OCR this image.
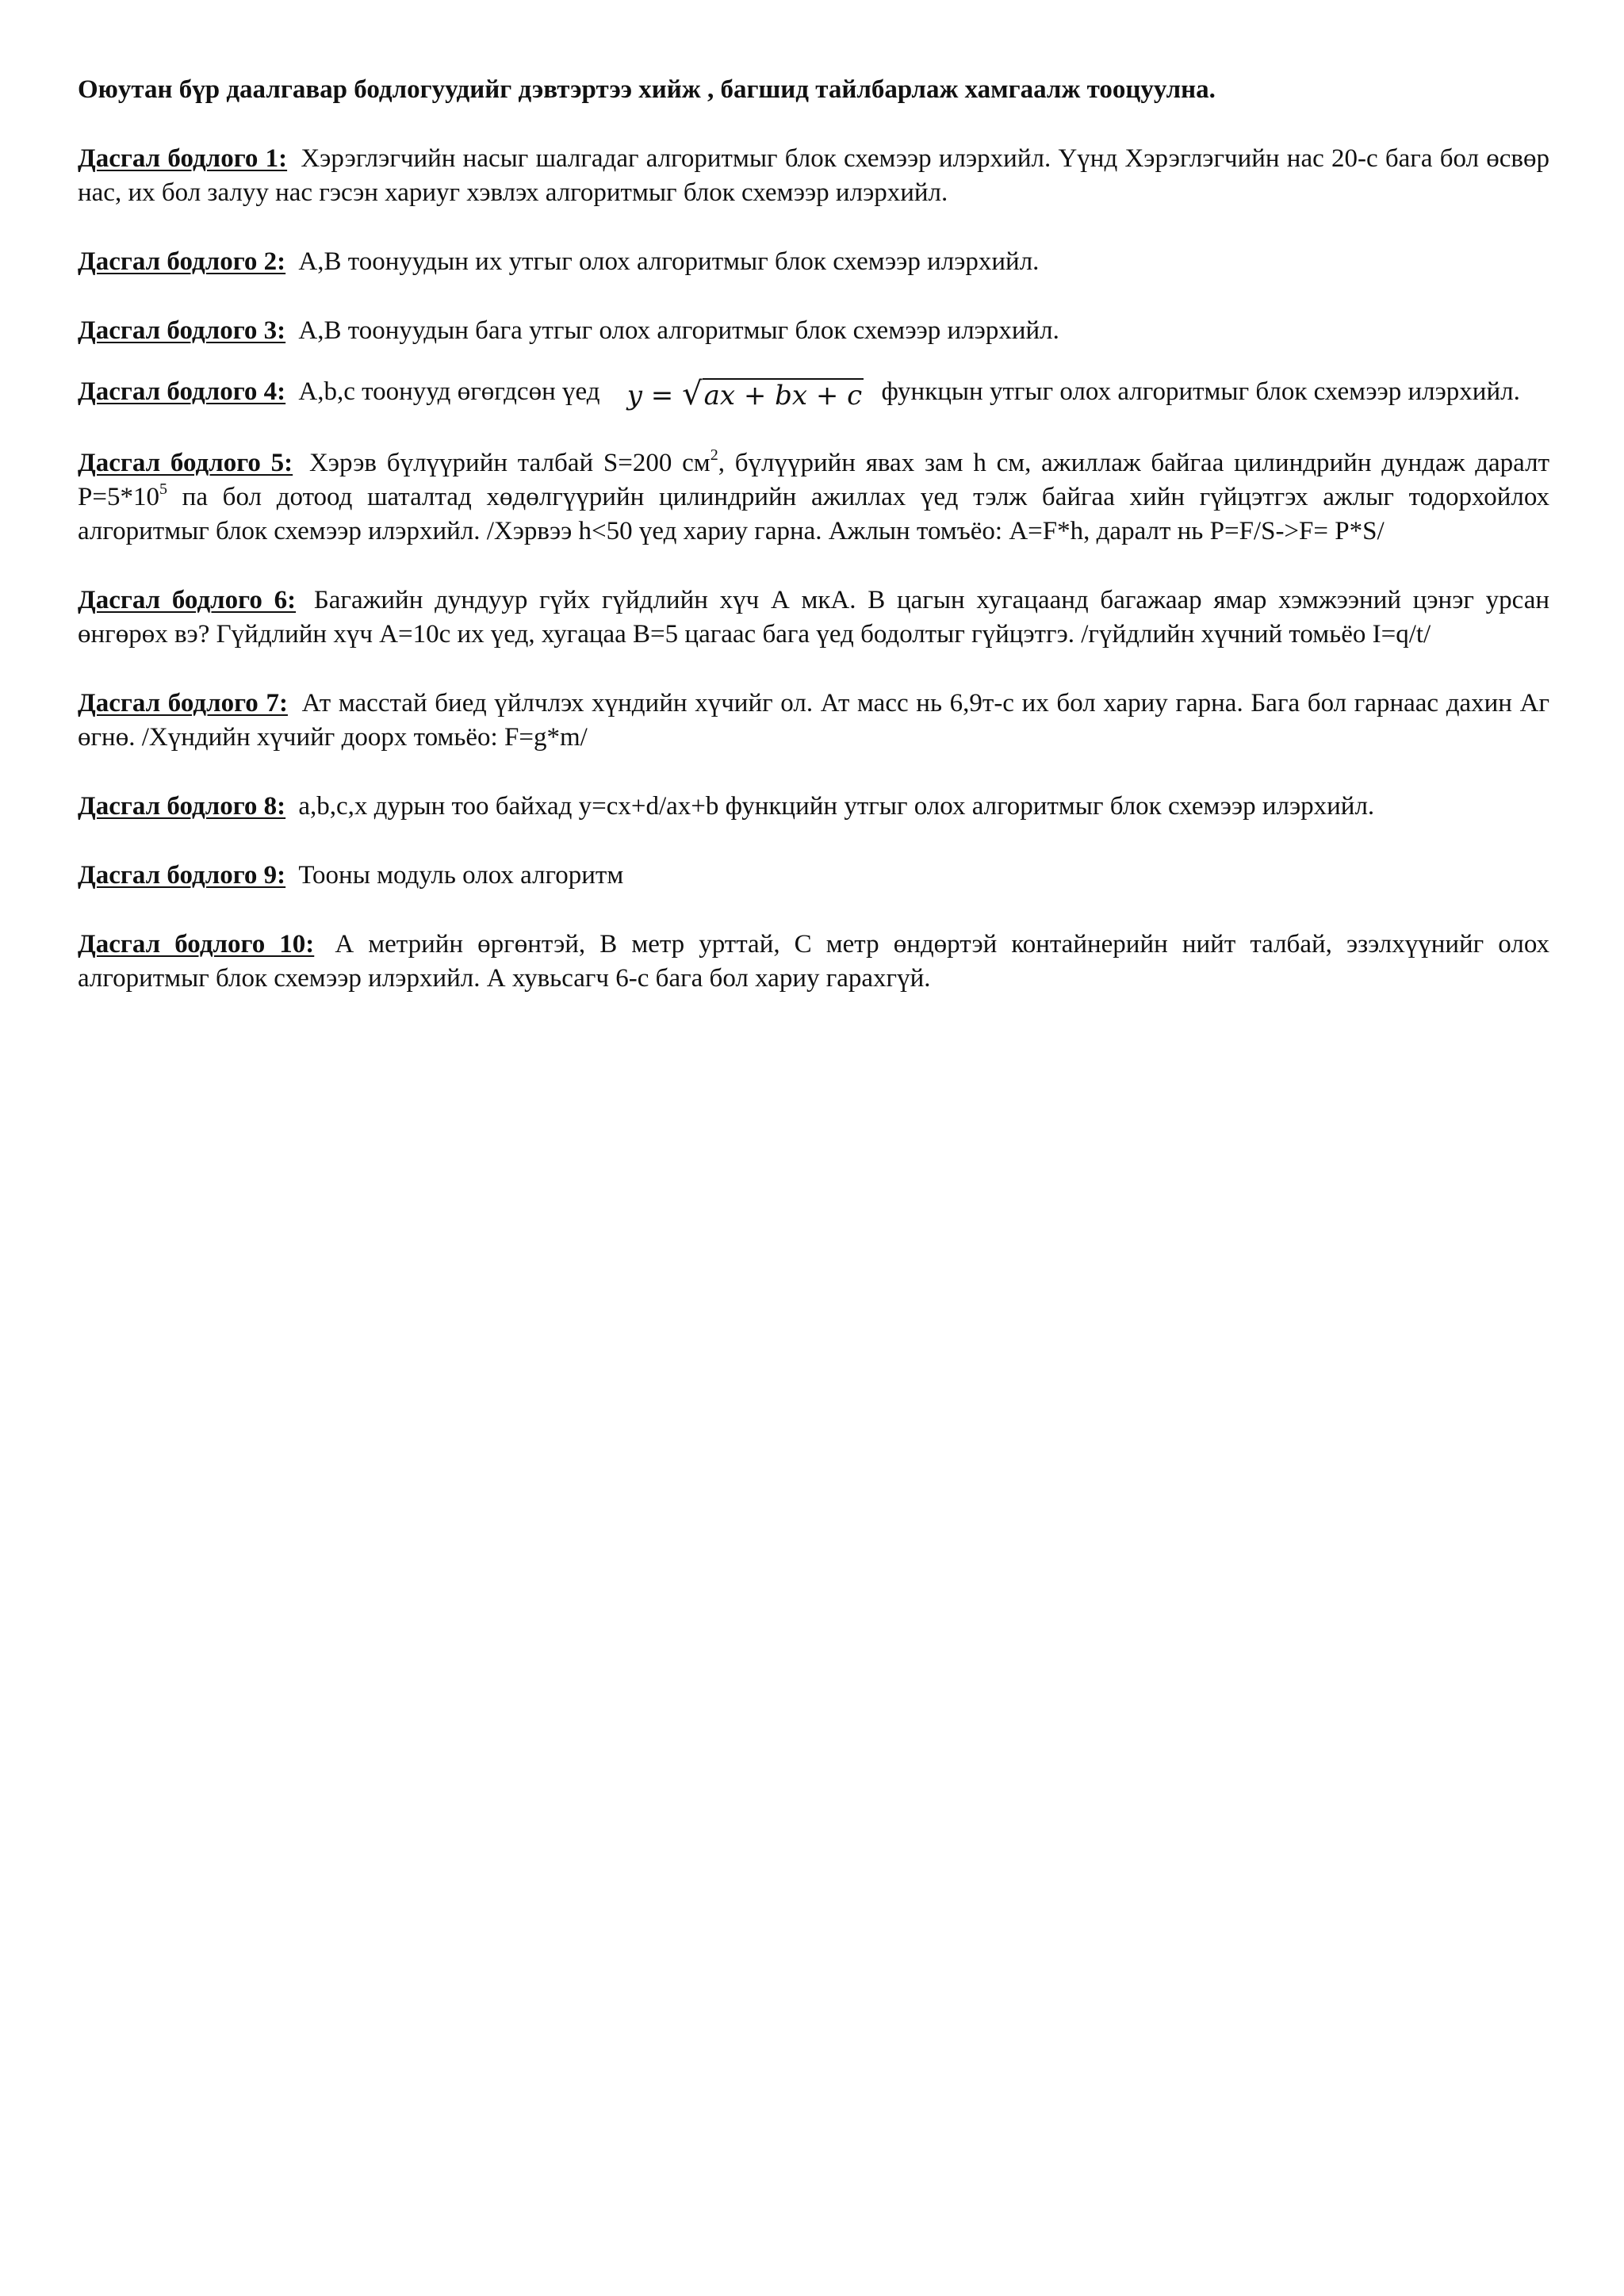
Оюутан бүр даалгавар бодлогуудийг дэвтэртээ хийж , багшид тайлбарлаж хамгаалж тооцуулна.

Дасгал бодлого 1: Хэрэглэгчийн насыг шалгадаг алгоритмыг блок схемээр илэрхийл. Үүнд Хэрэглэгчийн нас 20-с бага бол өсвөр нас, их бол залуу нас гэсэн хариуг хэвлэх алгоритмыг блок схемээр илэрхийл.

Дасгал бодлого 2: А,В тоонуудын их утгыг олох алгоритмыг блок схемээр илэрхийл.

Дасгал бодлого 3: А,В тоонуудын бага утгыг олох алгоритмыг блок схемээр илэрхийл.

Дасгал бодлого 4: A,b,c тоонууд өгөгдсөн үед y = √ax + bx + c функцын утгыг олох алгоритмыг блок схемээр илэрхийл.

Дасгал бодлого 5: Хэрэв бүлүүрийн талбай S=200 $см^2$, бүлүүрийн явах зам h см, ажиллаж байгаа цилиндрийн дундаж даралт $P=5*10^5$ па бол дотоод шаталтад хөдөлгүүрийн цилиндрийн ажиллах үед тэлж байгаа хийн гүйцэтгэх ажлыг тодорхойлох алгоритмыг блок схемээр илэрхийл. /Хэрвээ h<50 үед хариу гарна. Ажлын томъёо: A=F*h, даралт нь P=F/S->F= P*S/

Дасгал бодлого 6: Багажийн дундуур гүйх гүйдлийн хүч А мкА. В цагын хугацаанд багажаар ямар хэмжээний цэнэг урсан өнгөрөх вэ? Гүйдлийн хүч А=10с их үед, хугацаа В=5 цагаас бага үед бодолтыг гүйцэтгэ. /гүйдлийн хүчний томьёо I=q/t/

Дасгал бодлого 7: Ат масстай биед үйлчлэх хүндийн хүчийг ол. Ат масс нь 6,9т-с их бол хариу гарна. Бага бол гарнаас дахин Аг өгнө. /Хүндийн хүчийг доорх томьёо: F=g*m/

Дасгал бодлого 8: a,b,c,x дурын тоо байхад y=cx+d/ax+b функцийн утгыг олох алгоритмыг блок схемээр илэрхийл.

Дасгал бодлого 9: Тооны модуль олох алгоритм

Дасгал бодлого 10: А метрийн өргөнтэй, В метр урттай, С метр өндөртэй контайнерийн нийт талбай, эзэлхүүнийг олох алгоритмыг блок схемээр илэрхийл. А хувьсагч 6-с бага бол хариу гарахгүй.
